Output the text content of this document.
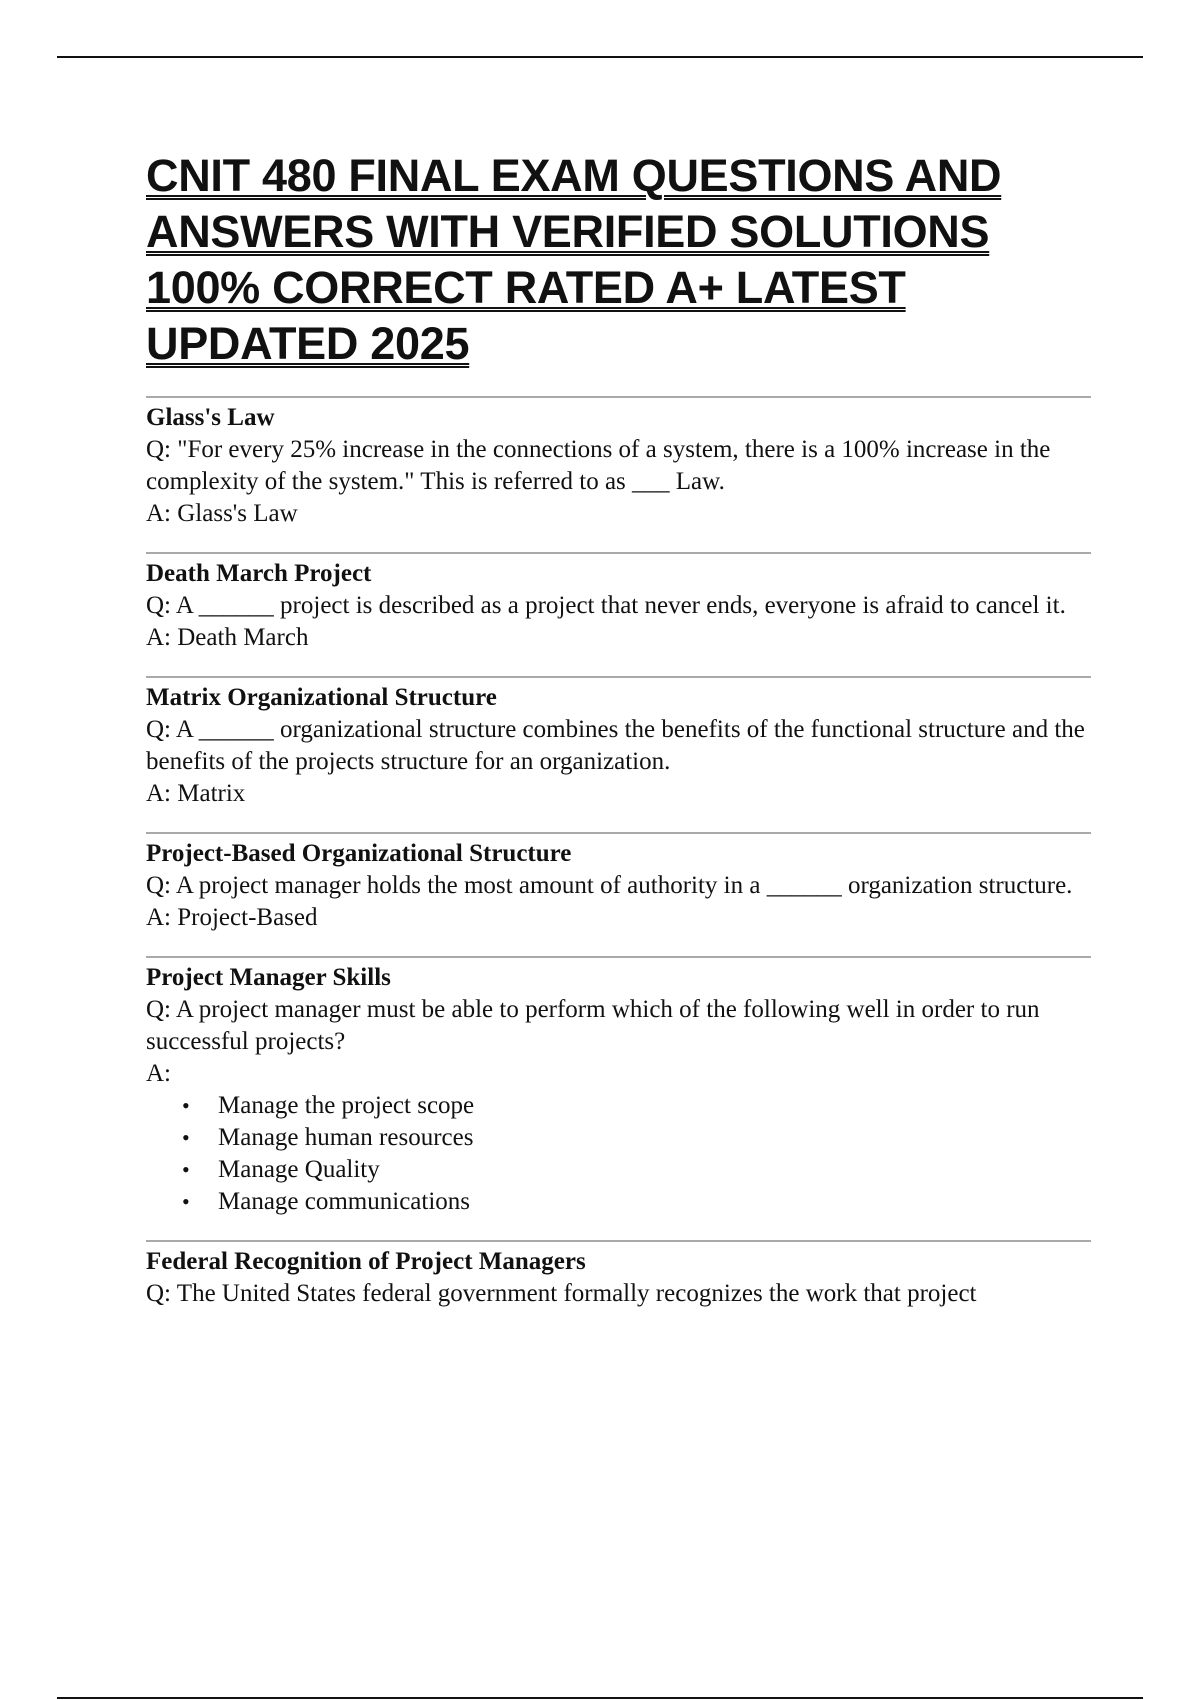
CNIT 480 FINAL EXAM QUESTIONS AND ANSWERS WITH VERIFIED SOLUTIONS 100% CORRECT RATED A+ LATEST UPDATED 2025
Glass's Law
Q: "For every 25% increase in the connections of a system, there is a 100% increase in the complexity of the system." This is referred to as ___ Law.
A: Glass's Law
Death March Project
Q: A ______ project is described as a project that never ends, everyone is afraid to cancel it.
A: Death March
Matrix Organizational Structure
Q: A ______ organizational structure combines the benefits of the functional structure and the benefits of the projects structure for an organization.
A: Matrix
Project-Based Organizational Structure
Q: A project manager holds the most amount of authority in a ______ organization structure.
A: Project-Based
Project Manager Skills
Q: A project manager must be able to perform which of the following well in order to run successful projects?
A:
• Manage the project scope
• Manage human resources
• Manage Quality
• Manage communications
Federal Recognition of Project Managers
Q: The United States federal government formally recognizes the work that project
